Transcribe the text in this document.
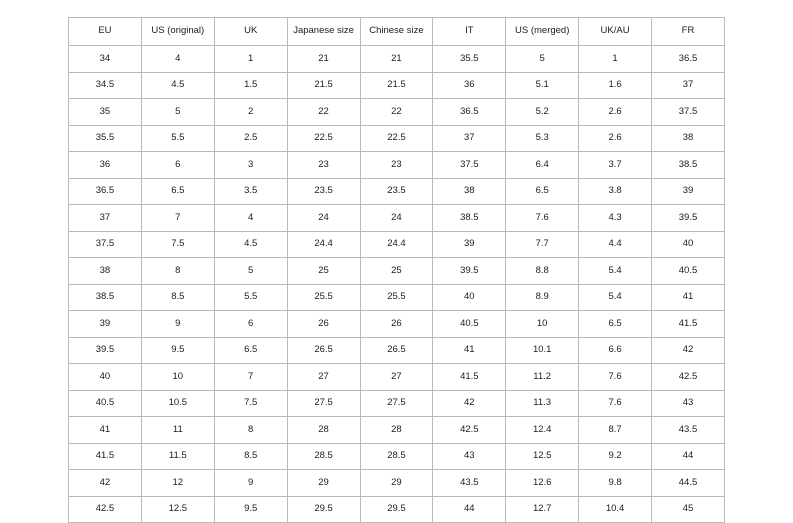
EU	US (original)	UK	Japanese size	Chinese size	IT	US (merged)	UK/AU	FR
34	4	1	21	21	35.5	5	1	36.5
34.5	4.5	1.5	21.5	21.5	36	5.1	1.6	37
35	5	2	22	22	36.5	5.2	2.6	37.5
35.5	5.5	2.5	22.5	22.5	37	5.3	2.6	38
36	6	3	23	23	37.5	6.4	3.7	38.5
36.5	6.5	3.5	23.5	23.5	38	6.5	3.8	39
37	7	4	24	24	38.5	7.6	4.3	39.5
37.5	7.5	4.5	24.4	24.4	39	7.7	4.4	40
38	8	5	25	25	39.5	8.8	5.4	40.5
38.5	8.5	5.5	25.5	25.5	40	8.9	5.4	41
39	9	6	26	26	40.5	10	6.5	41.5
39.5	9.5	6.5	26.5	26.5	41	10.1	6.6	42
40	10	7	27	27	41.5	11.2	7.6	42.5
40.5	10.5	7.5	27.5	27.5	42	11.3	7.6	43
41	11	8	28	28	42.5	12.4	8.7	43.5
41.5	11.5	8.5	28.5	28.5	43	12.5	9.2	44
42	12	9	29	29	43.5	12.6	9.8	44.5
42.5	12.5	9.5	29.5	29.5	44	12.7	10.4	45
